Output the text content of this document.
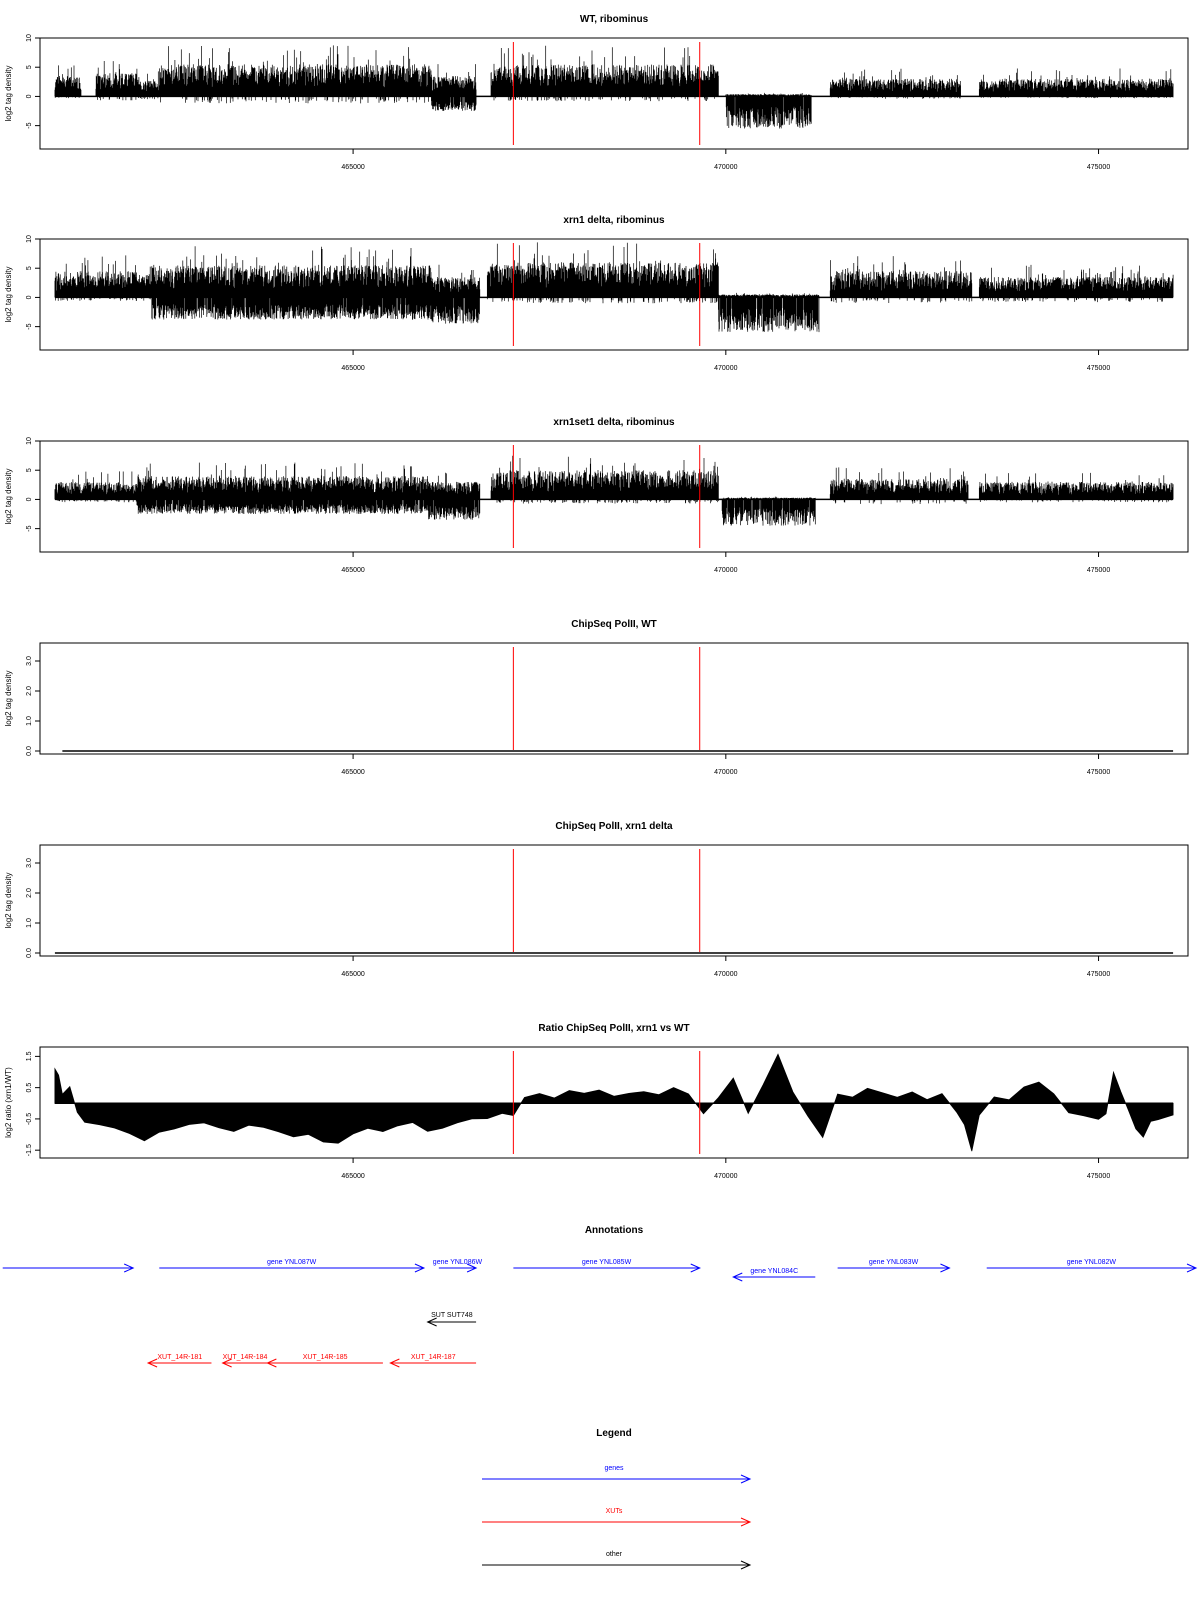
WT, ribominus
log2 tag density
10
5
0
-5
465000	470000	475000
xrn1 delta, ribominus
log2 tag density
10
5
0
-5
465000	470000	475000
xrn1set1 delta, ribominus
log2 tag density
10
5
0
-5
465000	470000	475000
ChipSeq PolII, WT
log2 tag density
3.0
2.0
1.0
0.0
465000	470000	475000
ChipSeq PolII, xrn1 delta
log2 tag density
3.0
2.0
1.0
0.0
465000	470000	475000
Ratio ChipSeq PolII, xrn1 vs WT
log2 ratio (xrn1/WT)
1.5
0.5
-0.5
-1.5
465000	470000	475000
Annotations
gene YNL087W	gene YNL086W	gene YNL085W
gene YNL084C
gene YNL083W	gene YNL082W
SUT SUT748
XUT_14R-181	XUT_14R-184	XUT_14R-185	XUT_14R-187
Legend
genes
XUTs
other
